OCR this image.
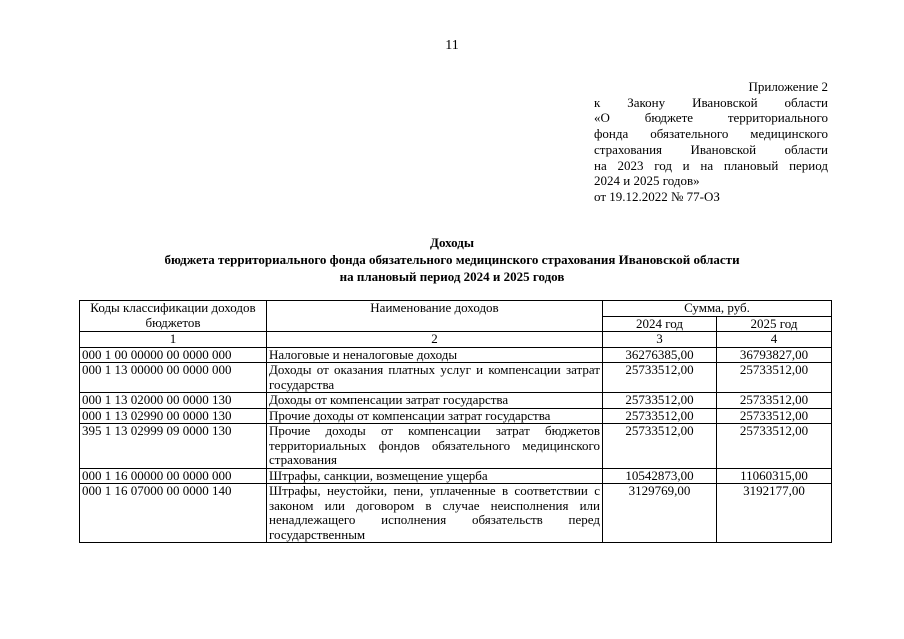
11
Приложение 2
к Закону Ивановской области
«О бюджете территориального
фонда обязательного медицинского
страхования Ивановской области
на 2023 год и на плановый период
2024 и 2025 годов»
от 19.12.2022 № 77-ОЗ
Доходы
бюджета территориального фонда обязательного медицинского страхования Ивановской области
на плановый период 2024 и 2025 годов
Коды классификации доходов бюджетов	Наименование доходов	Сумма, руб.	
		2024 год	2025 год
1	2	3	4
000 1 00 00000 00 0000 000	Налоговые и неналоговые доходы	36276385,00	36793827,00
000 1 13 00000 00 0000 000	Доходы от оказания платных услуг и компенсации затрат государства	25733512,00	25733512,00
000 1 13 02000 00 0000 130	Доходы от компенсации затрат государства	25733512,00	25733512,00
000 1 13 02990 00 0000 130	Прочие доходы от компенсации затрат государства	25733512,00	25733512,00
395 1 13 02999 09 0000 130	Прочие доходы от компенсации затрат бюджетов территориальных фондов обязательного медицинского страхования	25733512,00	25733512,00
000 1 16 00000 00 0000 000	Штрафы, санкции, возмещение ущерба	10542873,00	11060315,00
000 1 16 07000 00 0000 140	Штрафы, неустойки, пени, уплаченные в соответствии с законом или договором в случае неисполнения или ненадлежащего исполнения обязательств перед государственным	3129769,00	3192177,00
